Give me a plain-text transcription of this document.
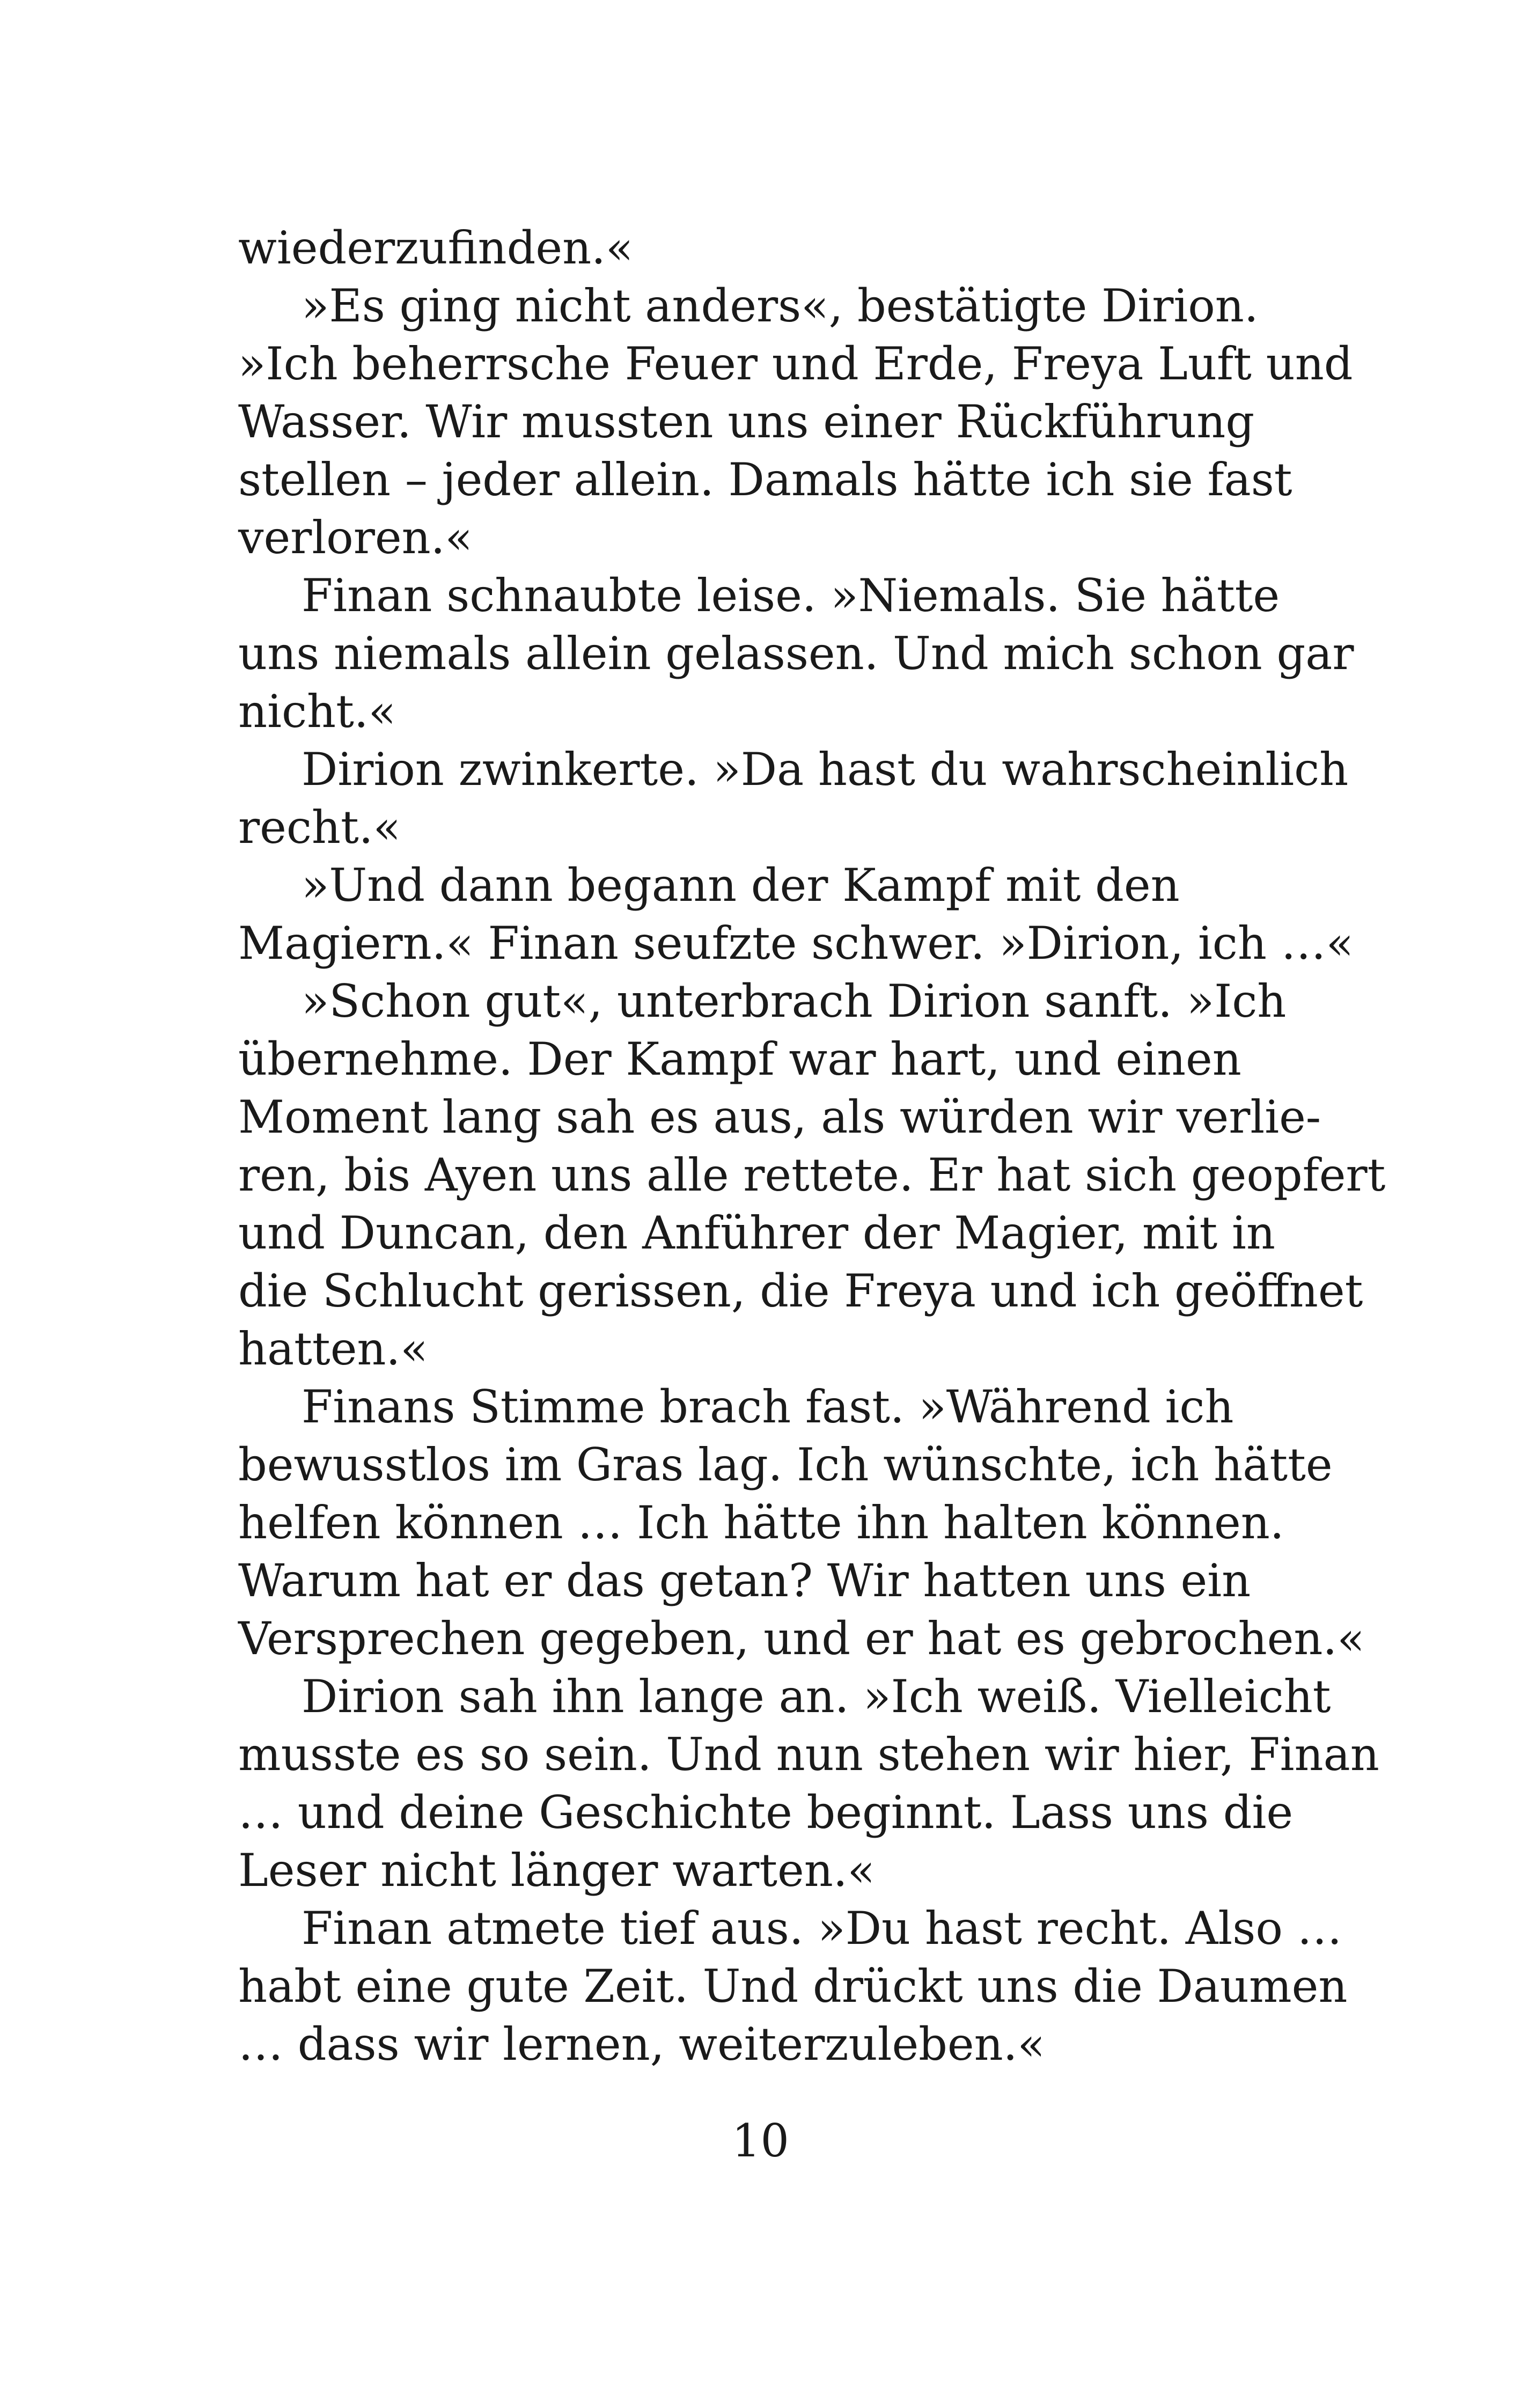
wiederzufinden.«
»Es ging nicht anders«, bestätigte Dirion.
»Ich beherrsche Feuer und Erde, Freya Luft und
Wasser. Wir mussten uns einer Rückführung
stellen – jeder allein. Damals hätte ich sie fast
verloren.«
Finan schnaubte leise. »Niemals. Sie hätte
uns niemals allein gelassen. Und mich schon gar
nicht.«
Dirion zwinkerte. »Da hast du wahrscheinlich
recht.«
»Und dann begann der Kampf mit den
Magiern.« Finan seufzte schwer. »Dirion, ich …«
»Schon gut«, unterbrach Dirion sanft. »Ich
übernehme. Der Kampf war hart, und einen
Moment lang sah es aus, als würden wir verlie-
ren, bis Ayen uns alle rettete. Er hat sich geopfert
und Duncan, den Anführer der Magier, mit in
die Schlucht gerissen, die Freya und ich geöffnet
hatten.«
Finans Stimme brach fast. »Während ich
bewusstlos im Gras lag. Ich wünschte, ich hätte
helfen können … Ich hätte ihn halten können.
Warum hat er das getan? Wir hatten uns ein
Versprechen gegeben, und er hat es gebrochen.«
Dirion sah ihn lange an. »Ich weiß. Vielleicht
musste es so sein. Und nun stehen wir hier, Finan
… und deine Geschichte beginnt. Lass uns die
Leser nicht länger warten.«
Finan atmete tief aus. »Du hast recht. Also …
habt eine gute Zeit. Und drückt uns die Daumen
… dass wir lernen, weiterzuleben.«
10
